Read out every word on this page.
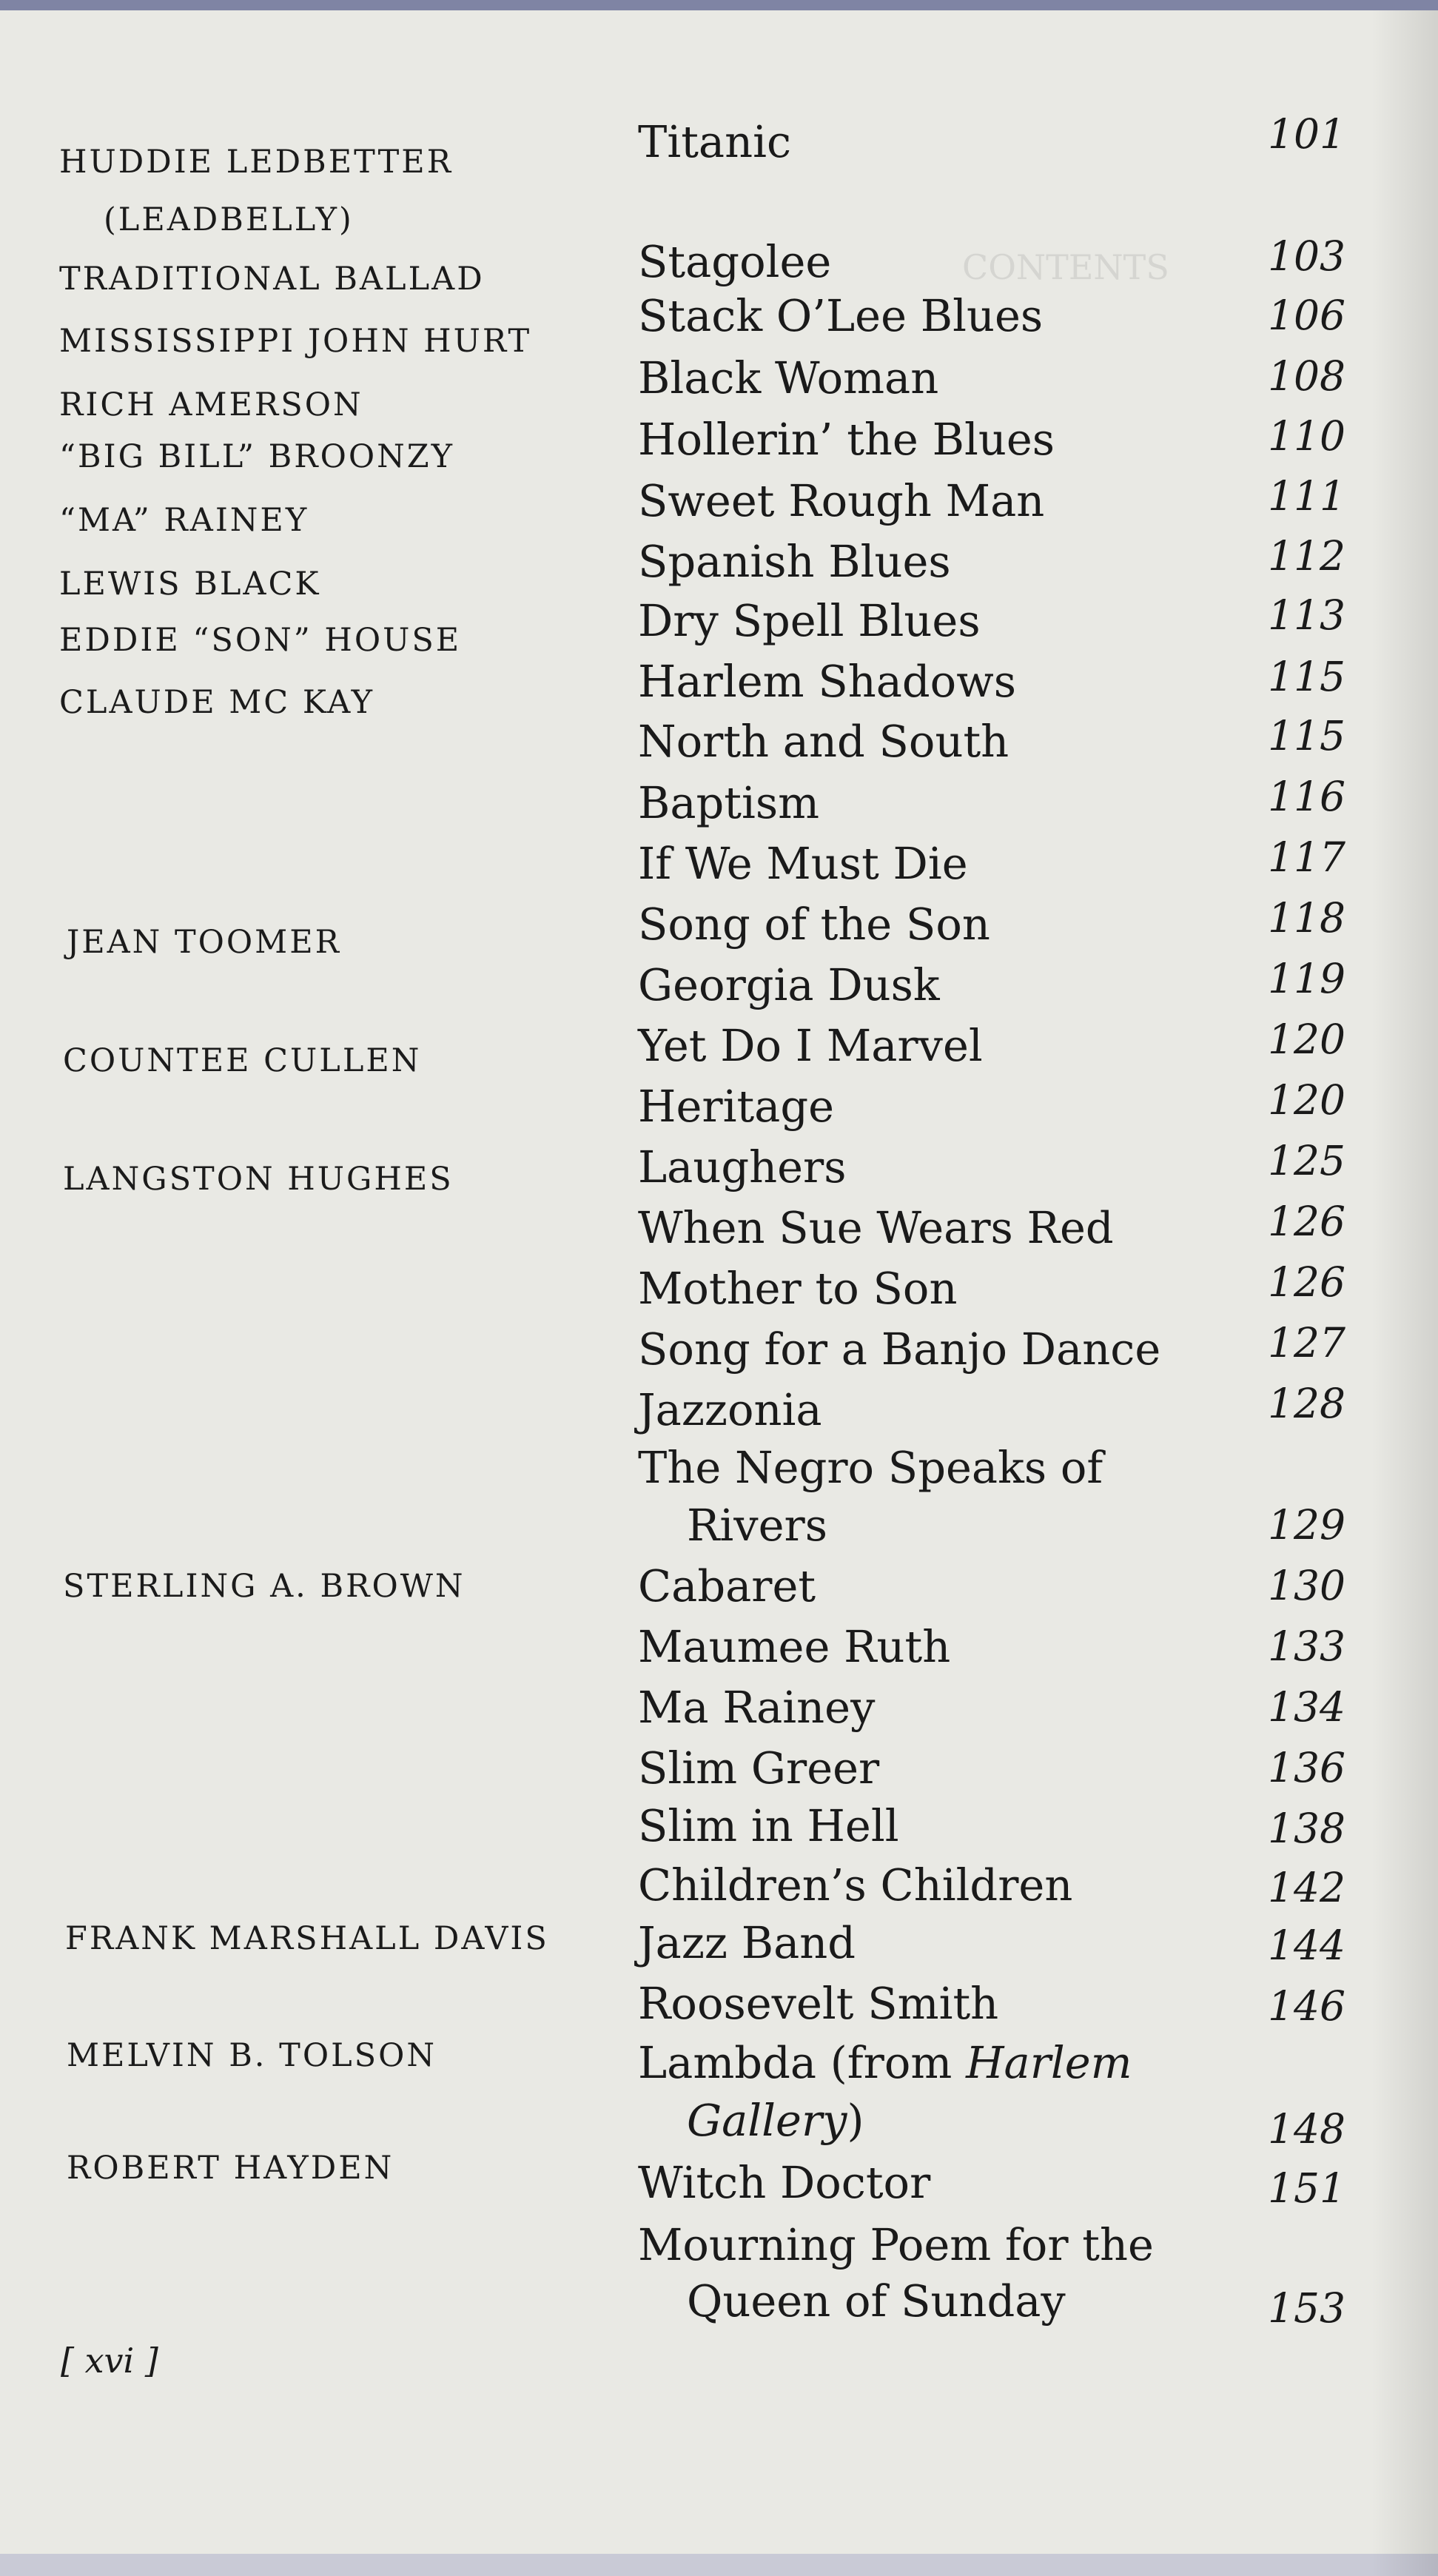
CONTENTS
HUDDIE LEDBETTER
(LEADBELLY)
TRADITIONAL BALLAD
MISSISSIPPI JOHN HURT
RICH AMERSON
“BIG BILL” BROONZY
“MA” RAINEY
LEWIS BLACK
EDDIE “SON” HOUSE
CLAUDE MC KAY
JEAN TOOMER
COUNTEE CULLEN
LANGSTON HUGHES
STERLING A. BROWN
FRANK MARSHALL DAVIS
MELVIN B. TOLSON
ROBERT HAYDEN
Titanic	101
Stagolee	103
Stack O’Lee Blues	106
Black Woman	108
Hollerin’ the Blues	110
Sweet Rough Man	111
Spanish Blues	112
Dry Spell Blues	113
Harlem Shadows	115
North and South	115
Baptism	116
If We Must Die	117
Song of the Son	118
Georgia Dusk	119
Yet Do I Marvel	120
Heritage	120
Laughers	125
When Sue Wears Red	126
Mother to Son	126
Song for a Banjo Dance	127
Jazzonia	128
The Negro Speaks of
Rivers	129
Cabaret	130
Maumee Ruth	133
Ma Rainey	134
Slim Greer	136
Slim in Hell	138
Children’s Children	142
Jazz Band	144
Roosevelt Smith	146
Lambda (from Harlem
Gallery)	148
Witch Doctor	151
Mourning Poem for the
Queen of Sunday	153
[ xvi ]
